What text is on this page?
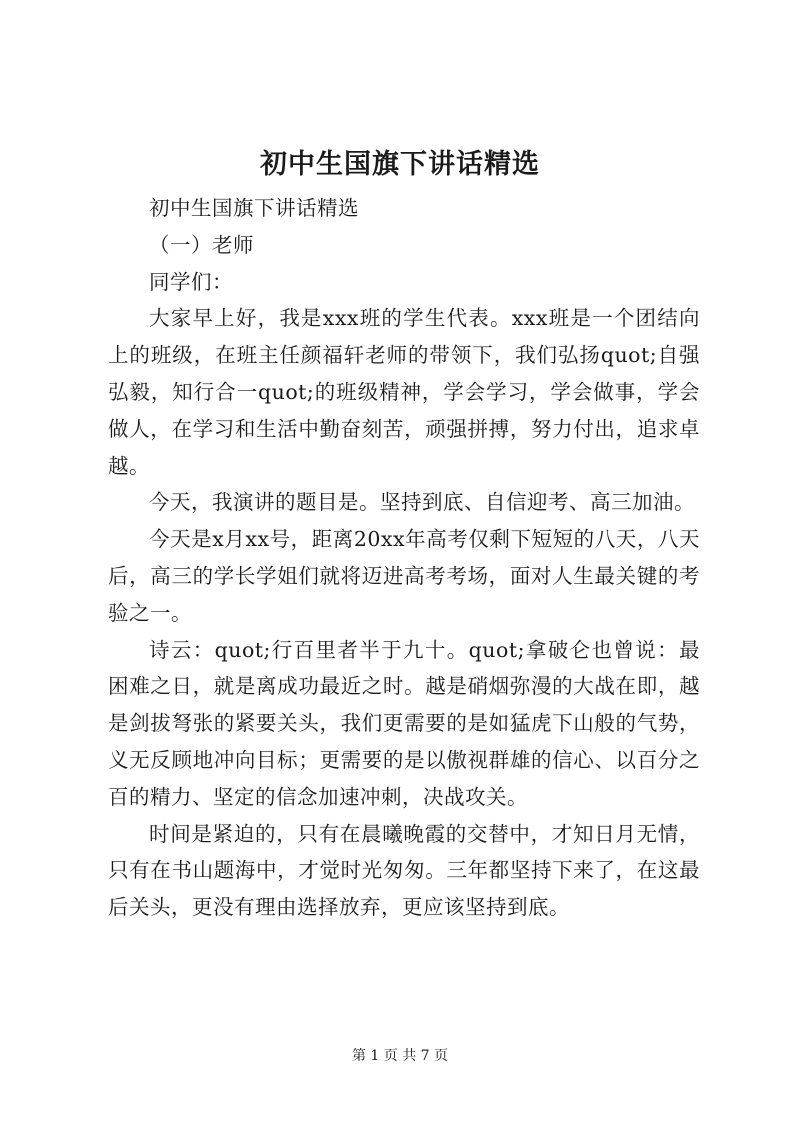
初中生国旗下讲话精选

初中生国旗下讲话精选

（一）老师

同学们：

大家早上好，我是xxx班的学生代表。xxx班是一个团结向上的班级，在班主任颜福轩老师的带领下，我们弘扬quot;自强弘毅，知行合一quot;的班级精神，学会学习，学会做事，学会做人，在学习和生活中勤奋刻苦，顽强拼搏，努力付出，追求卓越。

今天，我演讲的题目是。坚持到底、自信迎考、高三加油。

今天是x月xx号，距离20xx年高考仅剩下短短的八天，八天后，高三的学长学姐们就将迈进高考考场，面对人生最关键的考验之一。

诗云：quot;行百里者半于九十。quot;拿破仑也曾说：最困难之日，就是离成功最近之时。越是硝烟弥漫的大战在即，越是剑拔弩张的紧要关头，我们更需要的是如猛虎下山般的气势，义无反顾地冲向目标；更需要的是以傲视群雄的信心、以百分之百的精力、坚定的信念加速冲刺，决战攻关。

时间是紧迫的，只有在晨曦晚霞的交替中，才知日月无情，只有在书山题海中，才觉时光匆匆。三年都坚持下来了，在这最后关头，更没有理由选择放弃，更应该坚持到底。

第 1 页 共 7 页
